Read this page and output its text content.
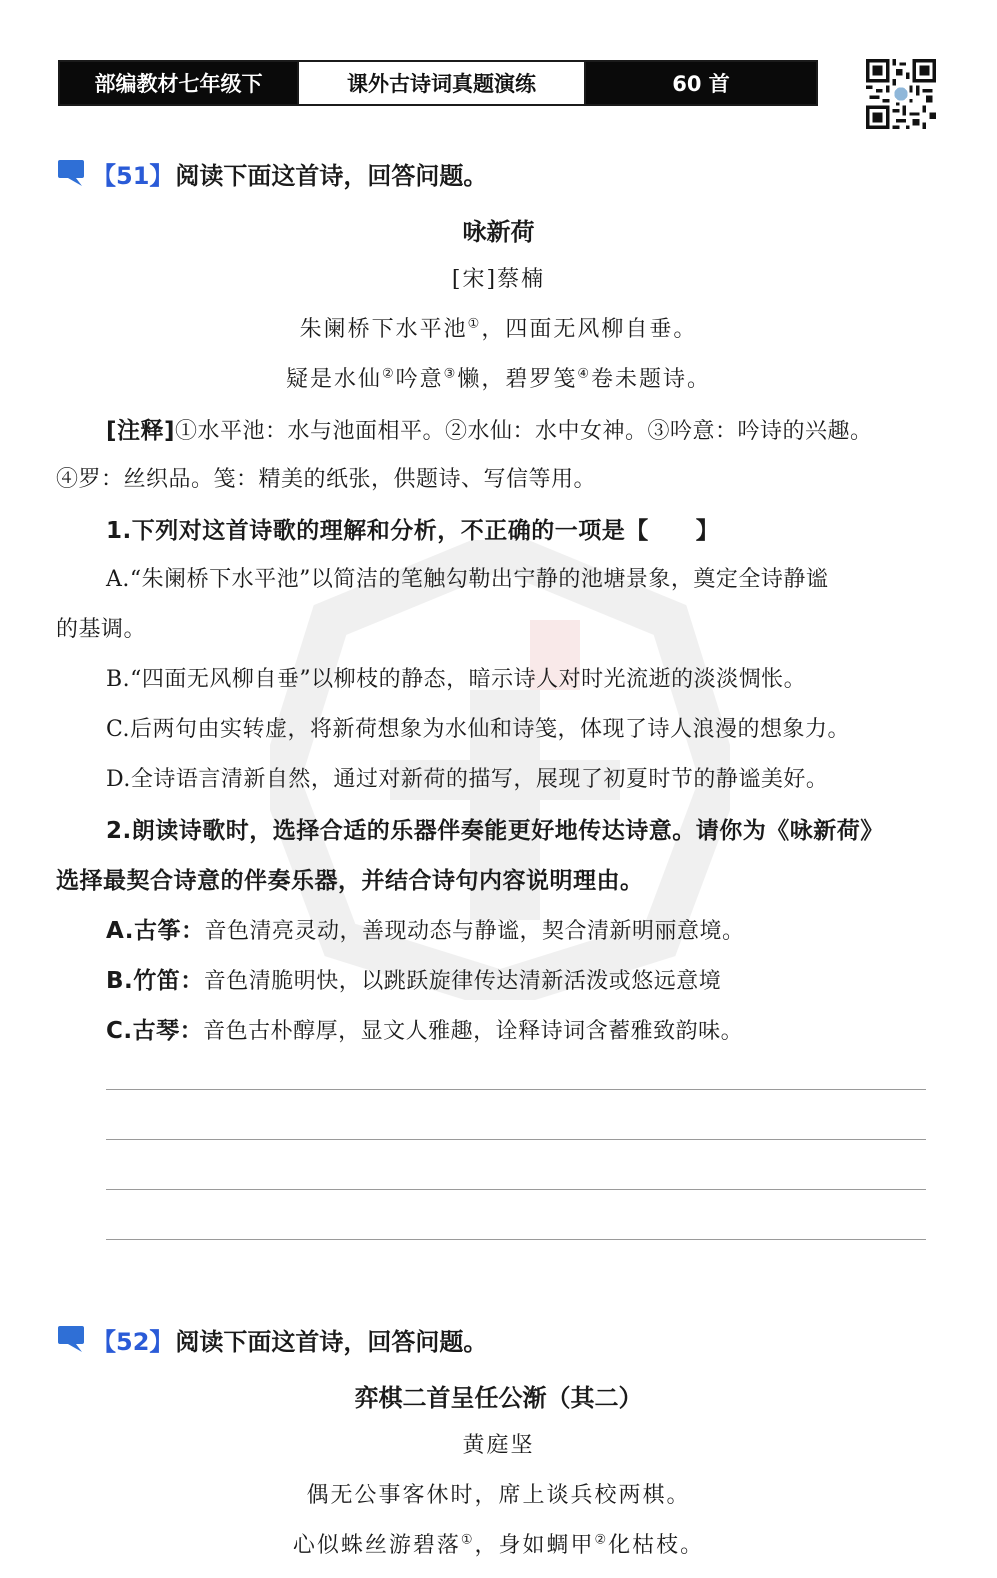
部编教材七年级下	课外古诗词真题演练	60 首
【51】 阅读下面这首诗，回答问题。
咏新荷
[宋]蔡楠
朱阑桥下水平池①，四面无风柳自垂。
疑是水仙②吟意③懒，碧罗笺④卷未题诗。
[注释]①水平池：水与池面相平。②水仙：水中女神。③吟意：吟诗的兴趣。
④罗：丝织品。笺：精美的纸张，供题诗、写信等用。
1.下列对这首诗歌的理解和分析，不正确的一项是【　　】
A.“朱阑桥下水平池”以简洁的笔触勾勒出宁静的池塘景象，奠定全诗静谧
的基调。
B.“四面无风柳自垂”以柳枝的静态，暗示诗人对时光流逝的淡淡惆怅。
C.后两句由实转虚，将新荷想象为水仙和诗笺，体现了诗人浪漫的想象力。
D.全诗语言清新自然，通过对新荷的描写，展现了初夏时节的静谧美好。
2.朗读诗歌时，选择合适的乐器伴奏能更好地传达诗意。请你为《咏新荷》
选择最契合诗意的伴奏乐器，并结合诗句内容说明理由。
A.古筝：音色清亮灵动，善现动态与静谧，契合清新明丽意境。
B.竹笛：音色清脆明快，以跳跃旋律传达清新活泼或悠远意境
C.古琴：音色古朴醇厚，显文人雅趣，诠释诗词含蓄雅致韵味。
【52】 阅读下面这首诗，回答问题。
弈棋二首呈任公渐（其二）
黄庭坚
偶无公事客休时，席上谈兵校两棋。
心似蛛丝游碧落①，身如蜩甲②化枯枝。
